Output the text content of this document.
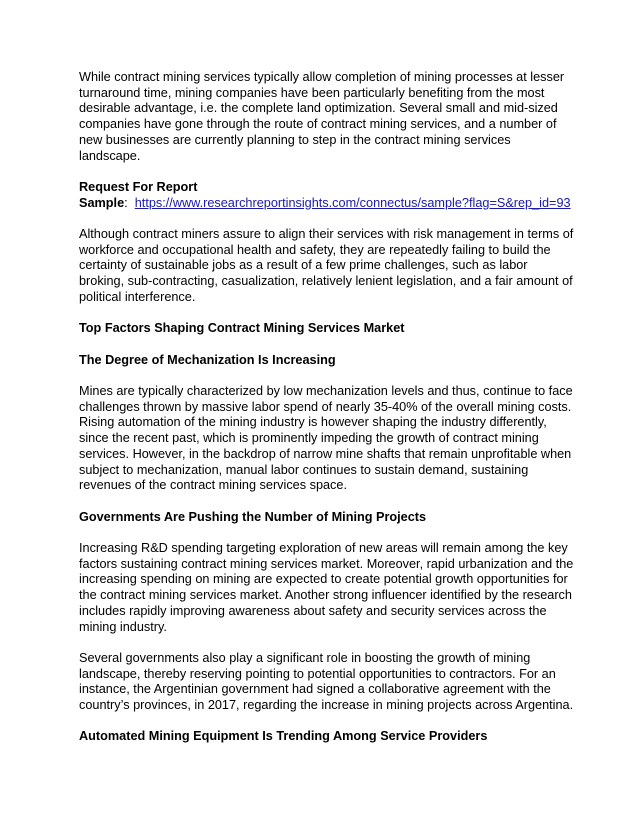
While contract mining services typically allow completion of mining processes at lesser turnaround time, mining companies have been particularly benefiting from the most desirable advantage, i.e. the complete land optimization. Several small and mid-sized companies have gone through the route of contract mining services, and a number of new businesses are currently planning to step in the contract mining services landscape.

Request For Report

Sample: https://www.researchreportinsights.com/connectus/sample?flag=S&rep_id=93

Although contract miners assure to align their services with risk management in terms of workforce and occupational health and safety, they are repeatedly failing to build the certainty of sustainable jobs as a result of a few prime challenges, such as labor broking, sub-contracting, casualization, relatively lenient legislation, and a fair amount of political interference.

Top Factors Shaping Contract Mining Services Market

The Degree of Mechanization Is Increasing

Mines are typically characterized by low mechanization levels and thus, continue to face challenges thrown by massive labor spend of nearly 35-40% of the overall mining costs. Rising automation of the mining industry is however shaping the industry differently, since the recent past, which is prominently impeding the growth of contract mining services. However, in the backdrop of narrow mine shafts that remain unprofitable when subject to mechanization, manual labor continues to sustain demand, sustaining revenues of the contract mining services space.

Governments Are Pushing the Number of Mining Projects

Increasing R&D spending targeting exploration of new areas will remain among the key factors sustaining contract mining services market. Moreover, rapid urbanization and the increasing spending on mining are expected to create potential growth opportunities for the contract mining services market. Another strong influencer identified by the research includes rapidly improving awareness about safety and security services across the mining industry.

Several governments also play a significant role in boosting the growth of mining landscape, thereby reserving pointing to potential opportunities to contractors. For an instance, the Argentinian government had signed a collaborative agreement with the country’s provinces, in 2017, regarding the increase in mining projects across Argentina.

Automated Mining Equipment Is Trending Among Service Providers
